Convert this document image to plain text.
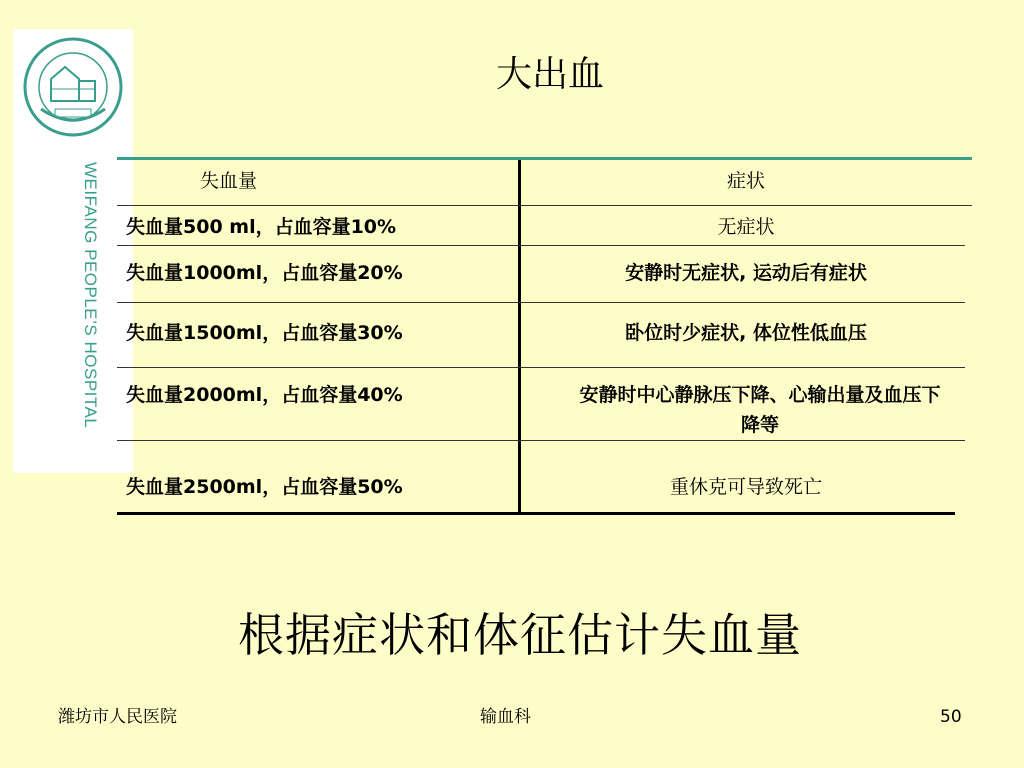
WEIFANG PEOPLE’S HOSPITAL
大出血
失血量	症状
失血量500 ml，占血容量10%	无症状
失血量1000ml，占血容量20%	安静时无症状, 运动后有症状
失血量1500ml，占血容量30%	卧位时少症状, 体位性低血压
失血量2000ml，占血容量40%	安静时中心静脉压下降、心输出量及血压下降等
失血量2500ml，占血容量50%	重休克可导致死亡
根据症状和体征估计失血量
潍坊市人民医院	输血科	50
